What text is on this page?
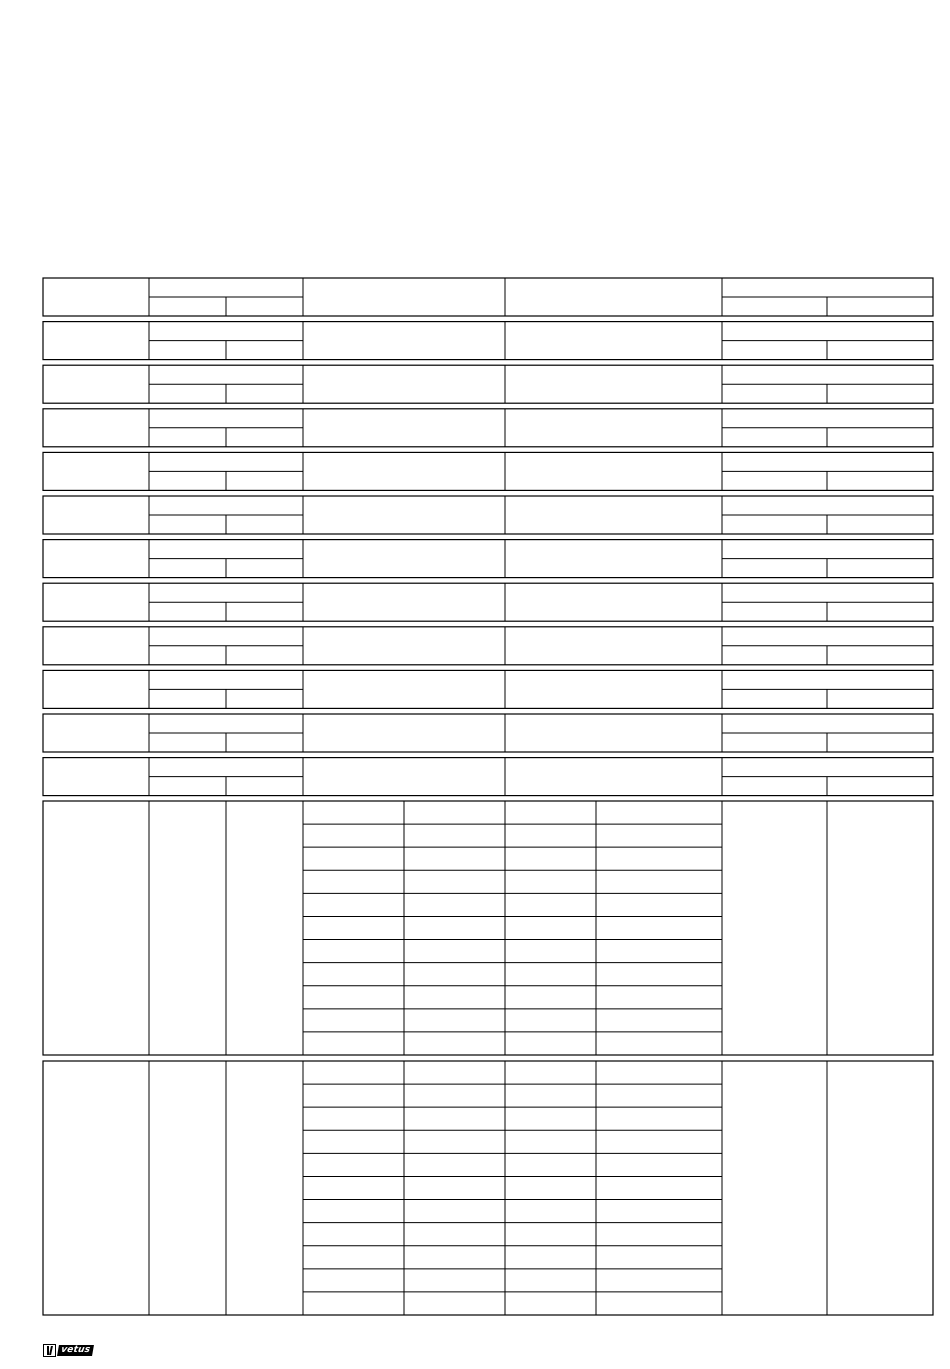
vetus
